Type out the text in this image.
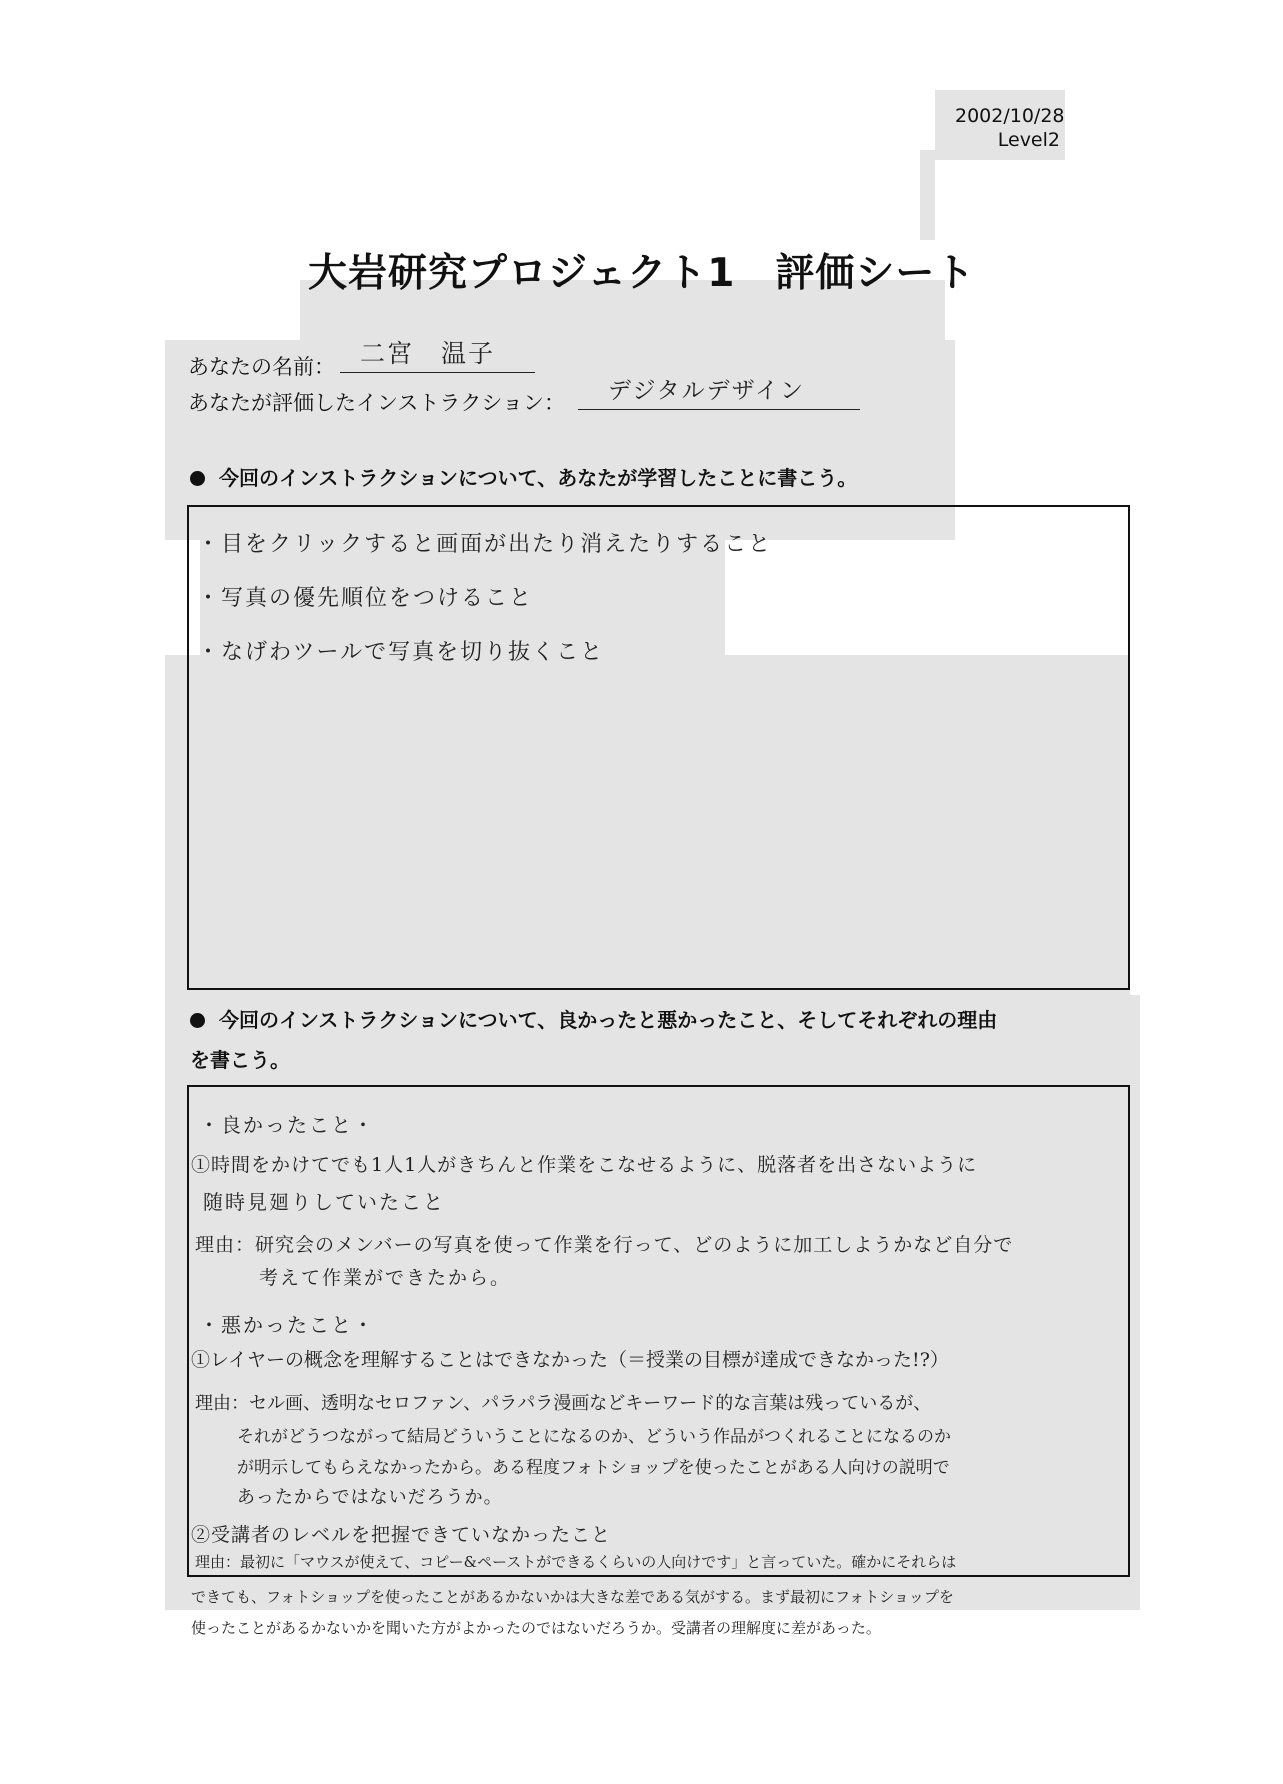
2002/10/28
Level2
大岩研究プロジェクト1　評価シート
あなたの名前：	二宮　温子
あなたが評価したインストラクション：	デジタルデザイン
今回のインストラクションについて、あなたが学習したことに書こう。
・目をクリックすると画面が出たり消えたりすること
・写真の優先順位をつけること
・なげわツールで写真を切り抜くこと
今回のインストラクションについて、良かったと悪かったこと、そしてそれぞれの理由
を書こう。
・良かったこと・
①時間をかけてでも1人1人がきちんと作業をこなせるように、脱落者を出さないように
随時見廻りしていたこと
理由：研究会のメンバーの写真を使って作業を行って、どのように加工しようかなど自分で
考えて作業ができたから。
・悪かったこと・
①レイヤーの概念を理解することはできなかった（＝授業の目標が達成できなかった!?）
理由：セル画、透明なセロファン、パラパラ漫画などキーワード的な言葉は残っているが、
それがどうつながって結局どういうことになるのか、どういう作品がつくれることになるのか
が明示してもらえなかったから。ある程度フォトショップを使ったことがある人向けの説明で
あったからではないだろうか。
②受講者のレベルを把握できていなかったこと
理由：最初に「マウスが使えて、コピー&ペーストができるくらいの人向けです」と言っていた。確かにそれらは
できても、フォトショップを使ったことがあるかないかは大きな差である気がする。まず最初にフォトショップを
使ったことがあるかないかを聞いた方がよかったのではないだろうか。受講者の理解度に差があった。
